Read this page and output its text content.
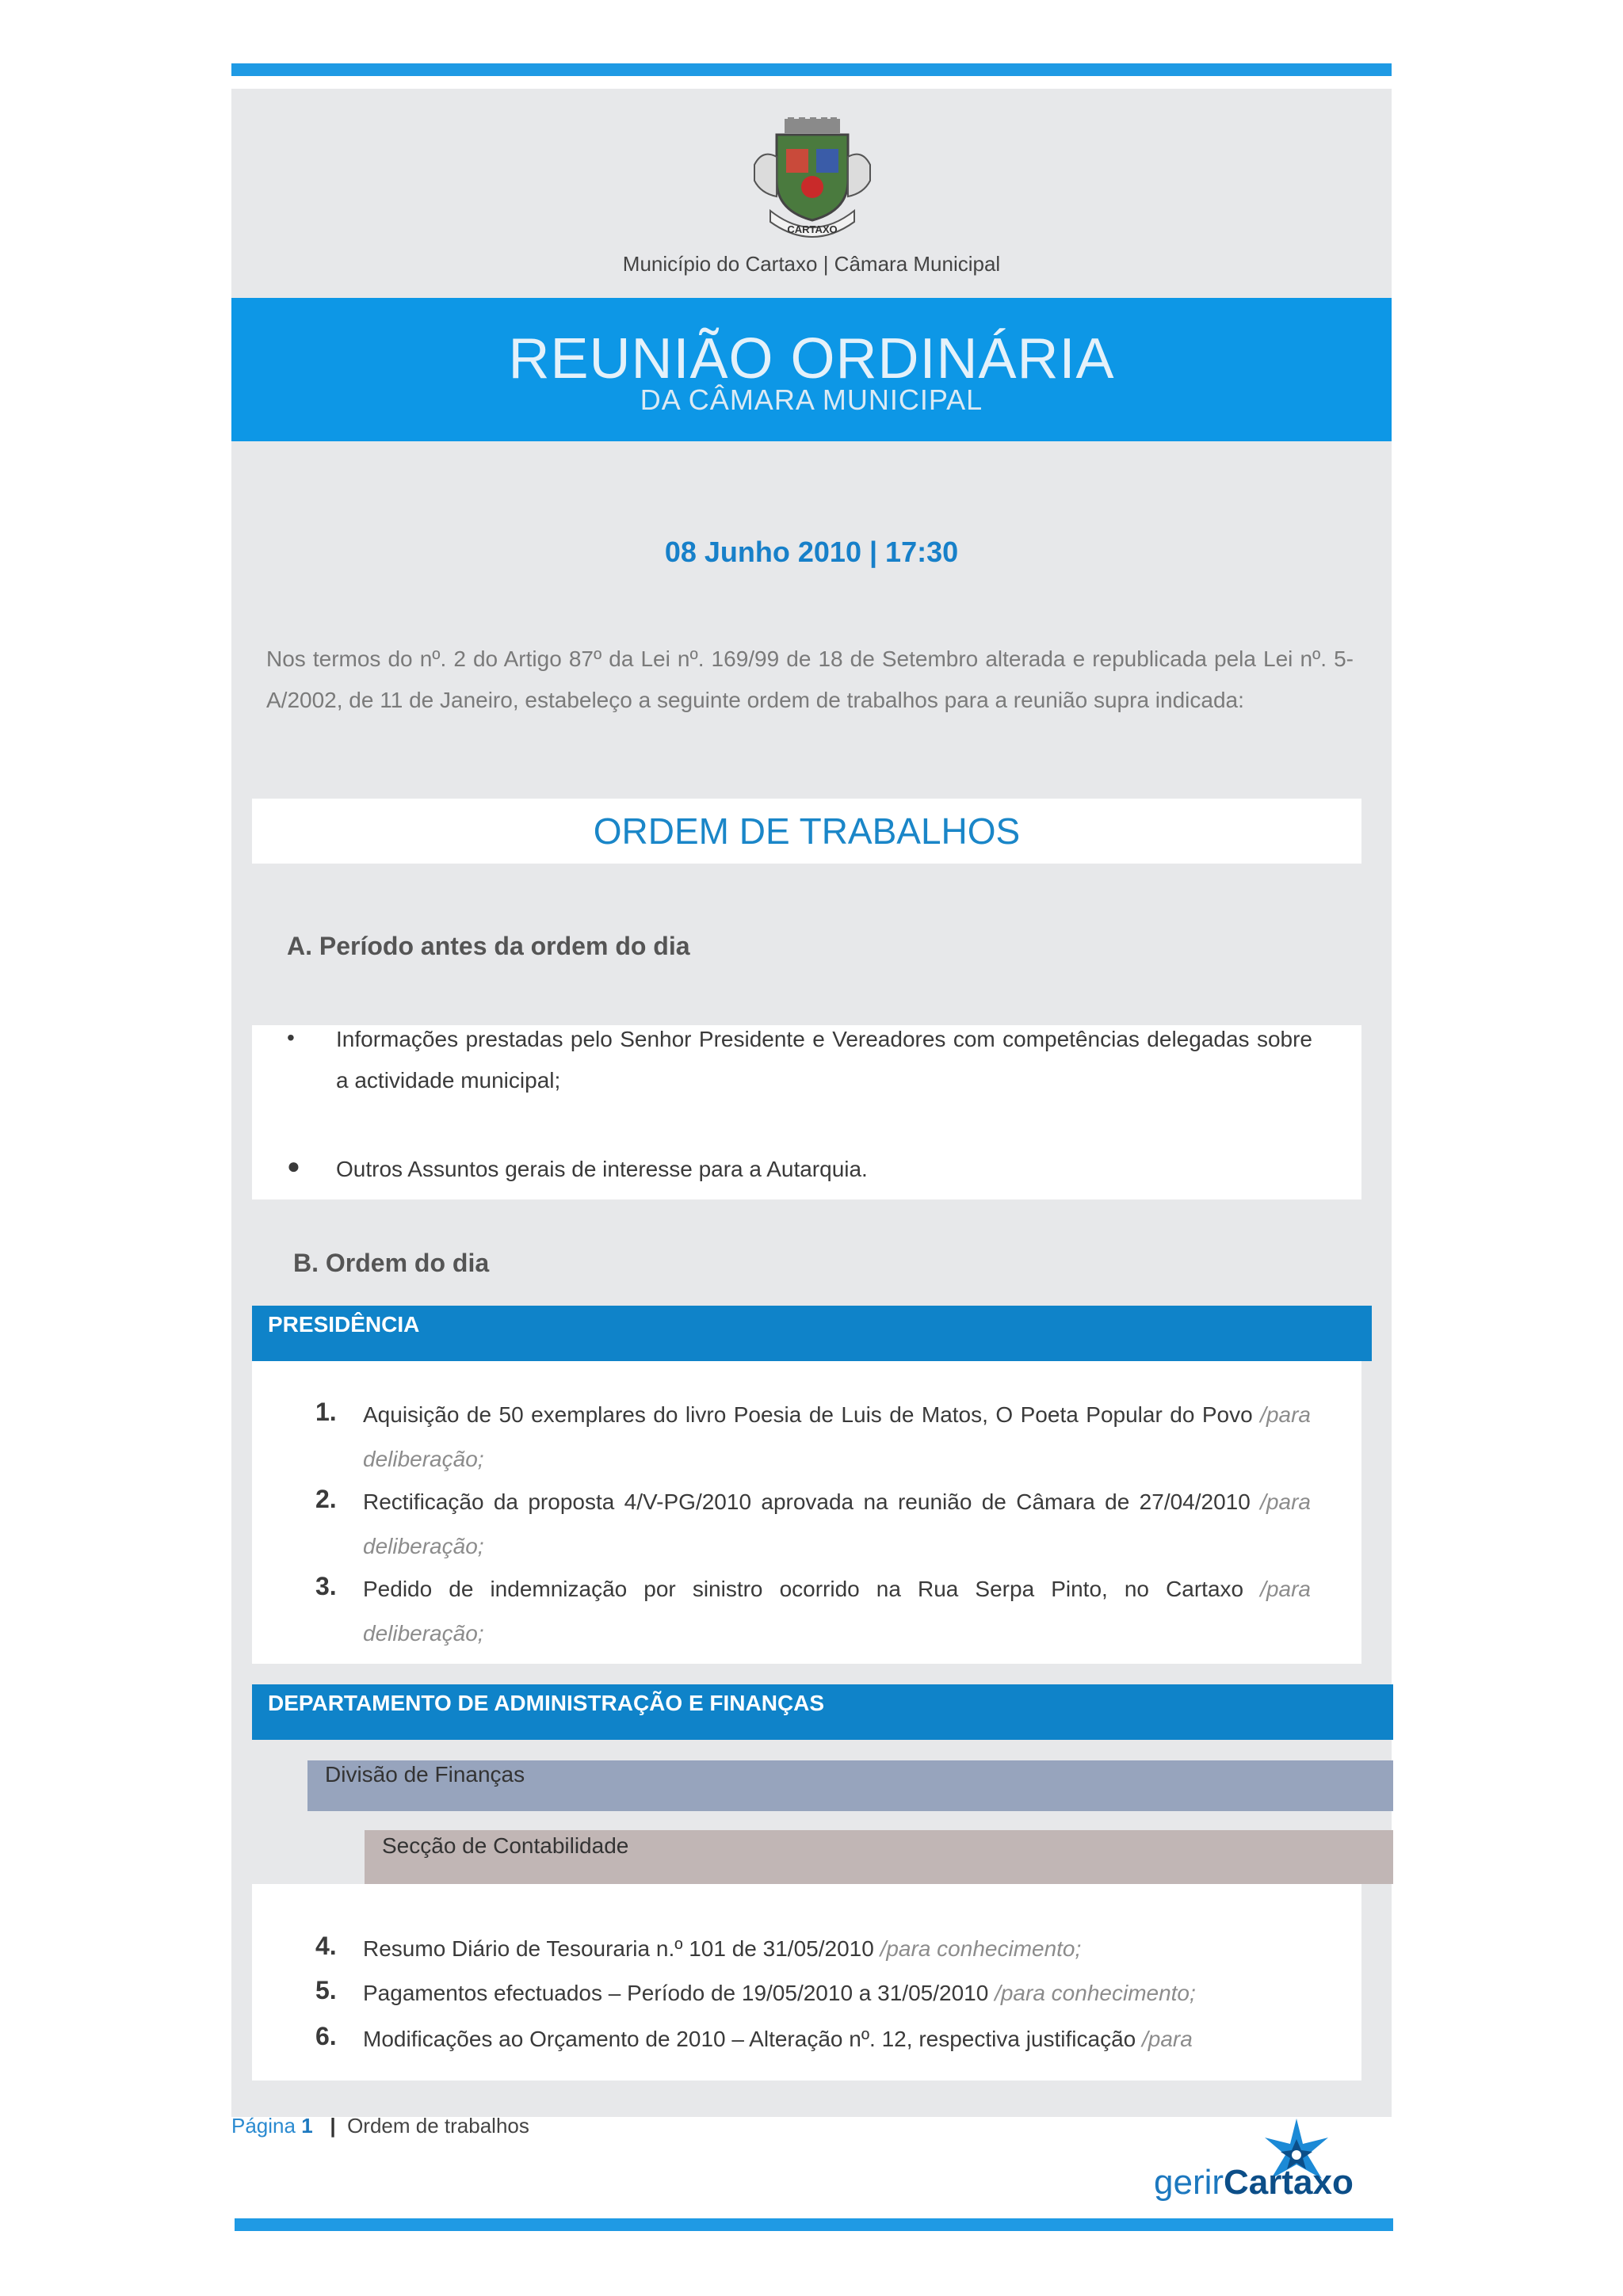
CARTAXO
Município do Cartaxo | Câmara Municipal
REUNIÃO ORDINÁRIA
DA CÂMARA MUNICIPAL
08 Junho 2010 | 17:30
Nos termos do nº. 2 do Artigo 87º da Lei nº. 169/99 de 18 de Setembro alterada e republicada pela Lei nº. 5-A/2002, de 11 de Janeiro, estabeleço a seguinte ordem de trabalhos para a reunião supra indicada:
ORDEM DE TRABALHOS
A. Período antes da ordem do dia
• Informações prestadas pelo Senhor Presidente e Vereadores com competências delegadas sobre a actividade municipal;
● Outros Assuntos gerais de interesse para a Autarquia.
B. Ordem do dia
PRESIDÊNCIA
1.	Aquisição de 50 exemplares do livro Poesia de Luis de Matos, O Poeta Popular do Povo /para deliberação;
2.	Rectificação da proposta 4/V-PG/2010 aprovada na reunião de Câmara de 27/04/2010 /para deliberação;
3.	Pedido de indemnização por sinistro ocorrido na Rua Serpa Pinto, no Cartaxo /para deliberação;
DEPARTAMENTO DE ADMINISTRAÇÃO E FINANÇAS
Divisão de Finanças
Secção de Contabilidade
4.	Resumo Diário de Tesouraria n.º 101 de 31/05/2010 /para conhecimento;
5.	Pagamentos efectuados – Período de 19/05/2010 a 31/05/2010 /para conhecimento;
6.	Modificações ao Orçamento de 2010 – Alteração nº. 12, respectiva justificação /para
Página 1 | Ordem de trabalhos
gerirCartaxo
